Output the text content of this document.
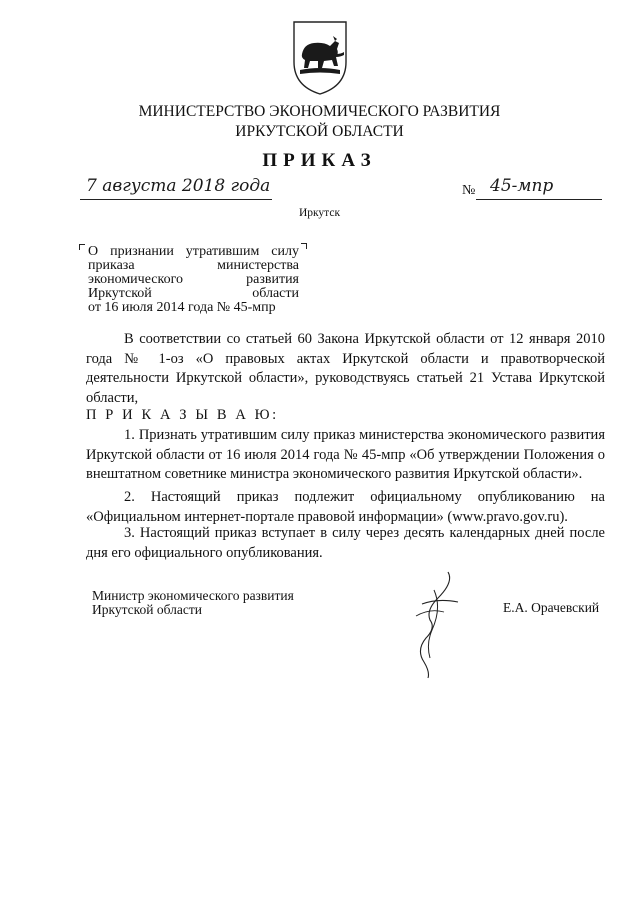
МИНИСТЕРСТВО ЭКОНОМИЧЕСКОГО РАЗВИТИЯ
ИРКУТСКОЙ ОБЛАСТИ
ПРИКАЗ
7 августа 2018 года	№ 45-мпр
Иркутск
О признании утратившим силу
приказа министерства
экономического развития
Иркутской области
от 16 июля 2014 года № 45-мпр

В соответствии со статьей 60 Закона Иркутской области от 12 января 2010 года № 1-оз «О правовых актах Иркутской области и правотворческой деятельности Иркутской области», руководствуясь статьей 21 Устава Иркутской области,

П Р И К А З Ы В А Ю:

1. Признать утратившим силу приказ министерства экономического развития Иркутской области от 16 июля 2014 года № 45-мпр «Об утверждении Положения о внештатном советнике министра экономического развития Иркутской области».

2. Настоящий приказ подлежит официальному опубликованию на «Официальном интернет-портале правовой информации» (www.pravo.gov.ru).

3. Настоящий приказ вступает в силу через десять календарных дней после дня его официального опубликования.

Министр экономического развития
Иркутской области	Е.А. Орачевский
